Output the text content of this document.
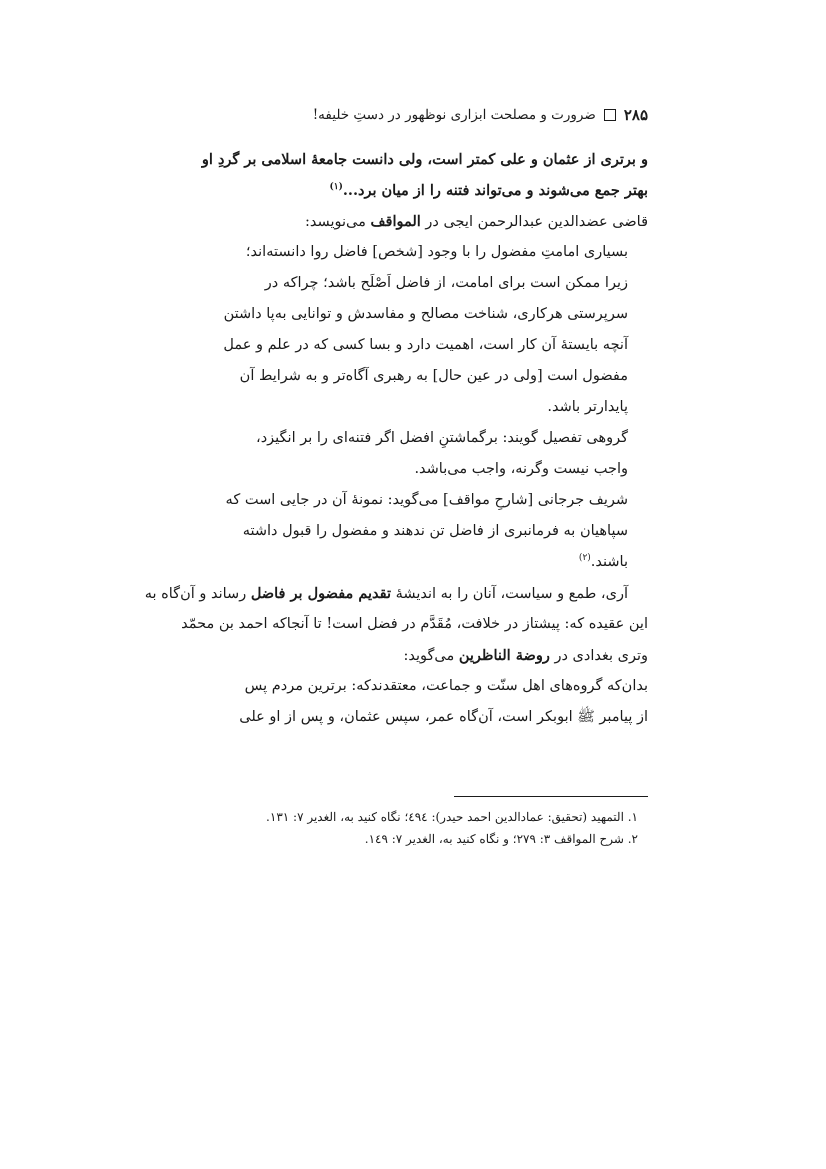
۲۸۵
ضرورت و مصلحت ابزاری نوظهور در دستِ خلیفه!
و برتری از عثمان و علی کمتر است، ولی دانست جامعهٔ اسلامی بر گردِ او
بهتر جمع می‌شوند و می‌تواند فتنه را از میان برد...$^{(۱)}$
قاضی عضدالدین عبدالرحمن ایجی در المواقف می‌نویسد:
بسیاری امامتِ مفضول را با وجود [شخص] فاضل روا دانسته‌اند؛
زیرا ممکن است برای امامت، از فاضل اَصْلَح باشد؛ چراکه در
سرپرستی هرکاری، شناخت مصالح و مفاسدش و توانایی به‌پا داشتن
آنچه بایستهٔ آن کار است، اهمیت دارد و بسا کسی که در علم و عمل
مفضول است [ولی در عین حال] به رهبری آگاه‌تر و به شرایط آن
پایدارتر باشد.
گروهی تفصیل گویند: برگماشتنِ افضل اگر فتنه‌ای را بر انگیزد،
واجب نیست وگرنه، واجب می‌باشد.
شریف جرجانی [شارحِ مواقف] می‌گوید: نمونهٔ آن در جایی است که
سپاهیان به فرمانبری از فاضل تن ندهند و مفضول را قبول داشته
باشند.$^{(۲)}$
آری، طمع و سیاست، آنان را به اندیشهٔ تقدیم مفضول بر فاضل رساند و آن‌گاه به
این عقیده که: پیشتاز در خلافت، مُقَدَّم در فضل است! تا آنجاکه احمد بن محمّد
وتری بغدادی در روضة الناظرین می‌گوید:
بدان‌که گروه‌های اهل سنّت و جماعت، معتقدندکه: برترین مردم پس
از پیامبر ﷺ ابوبکر است، آن‌گاه عمر، سپس عثمان، و پس از او علی
۱. التمهید (تحقیق: عمادالدین احمد حیدر): ٤٩٤؛ نگاه کنید به، الغدیر ۷: ۱۳۱.
۲. شرح المواقف ۳: ۲۷۹؛ و نگاه کنید به، الغدیر ۷: ۱٤۹.
